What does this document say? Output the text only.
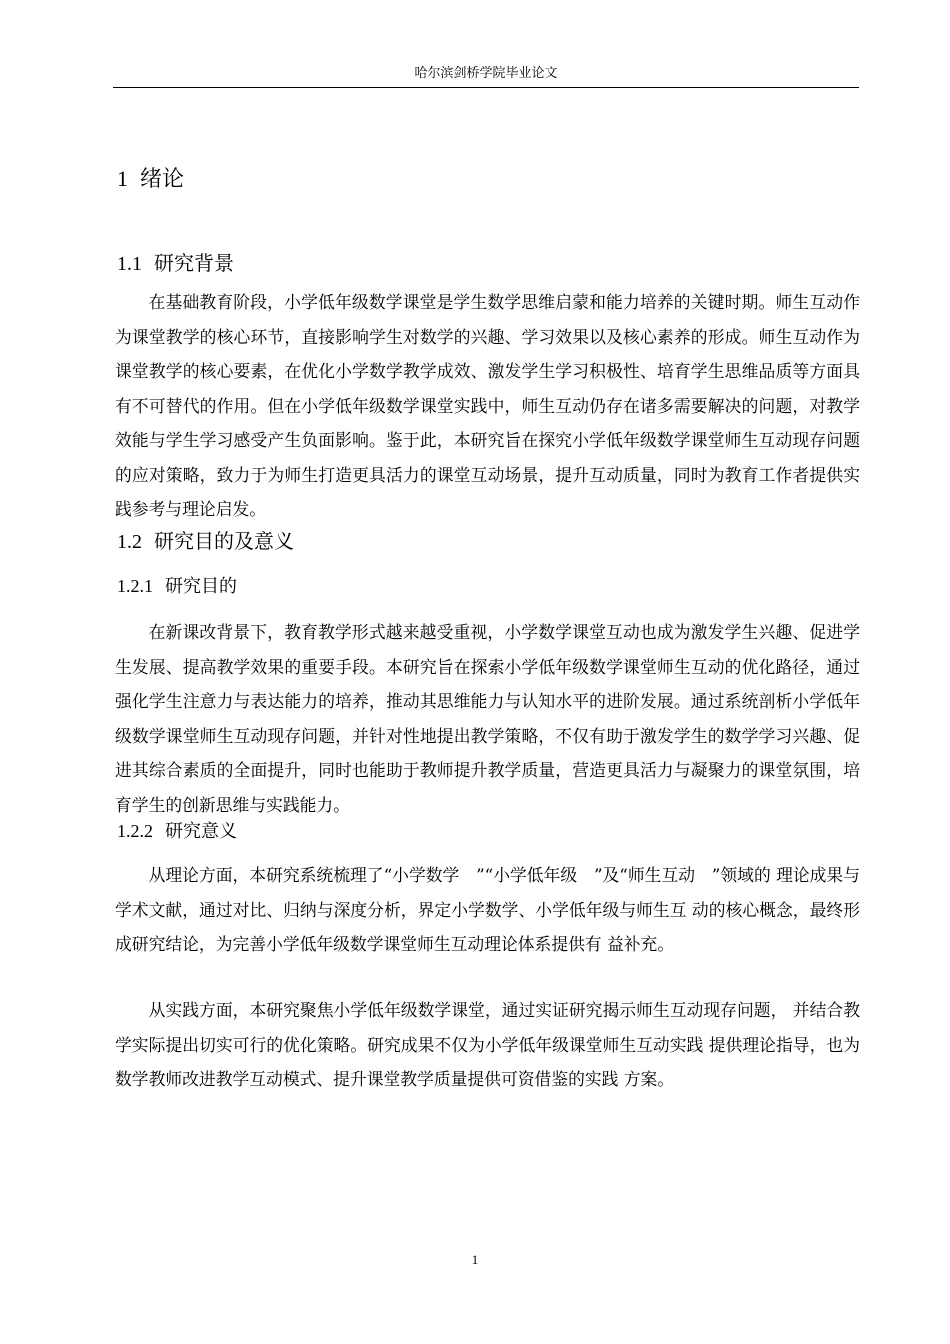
哈尔滨剑桥学院毕业论文
1 绪论
1.1 研究背景

在基础教育阶段，小学低年级数学课堂是学生数学思维启蒙和能力培养的关键时期。师生互动作为课堂教学的核心环节，直接影响学生对数学的兴趣、学习效果以及核心素养的形成。师生互动作为课堂教学的核心要素，在优化小学数学教学成效、激发学生学习积极性、培育学生思维品质等方面具有不可替代的作用。但在小学低年级数学课堂实践中，师生互动仍存在诸多需要解决的问题，对教学效能与学生学习感受产生负面影响。鉴于此，本研究旨在探究小学低年级数学课堂师生互动现存问题的应对策略，致力于为师生打造更具活力的课堂互动场景，提升互动质量，同时为教育工作者提供实践参考与理论启发。

1.2 研究目的及意义
1.2.1 研究目的

在新课改背景下，教育教学形式越来越受重视，小学数学课堂互动也成为激发学生兴趣、促进学生发展、提高教学效果的重要手段。本研究旨在探索小学低年级数学课堂师生互动的优化路径，通过强化学生注意力与表达能力的培养，推动其思维能力与认知水平的进阶发展。通过系统剖析小学低年级数学课堂师生互动现存问题，并针对性地提出教学策略，不仅有助于激发学生的数学学习兴趣、促进其综合素质的全面提升，同时也能助于教师提升教学质量，营造更具活力与凝聚力的课堂氛围，培育学生的创新思维与实践能力。

1.2.2 研究意义

从理论方面，本研究系统梳理了“小学数学　”“小学低年级　”及“师生互动　”领域的 理论成果与学术文献，通过对比、归纳与深度分析，界定小学数学、小学低年级与师生互 动的核心概念，最终形成研究结论，为完善小学低年级数学课堂师生互动理论体系提供有 益补充。

从实践方面，本研究聚焦小学低年级数学课堂，通过实证研究揭示师生互动现存问题， 并结合教学实际提出切实可行的优化策略。研究成果不仅为小学低年级课堂师生互动实践 提供理论指导，也为数学教师改进教学互动模式、提升课堂教学质量提供可资借鉴的实践 方案。

1
